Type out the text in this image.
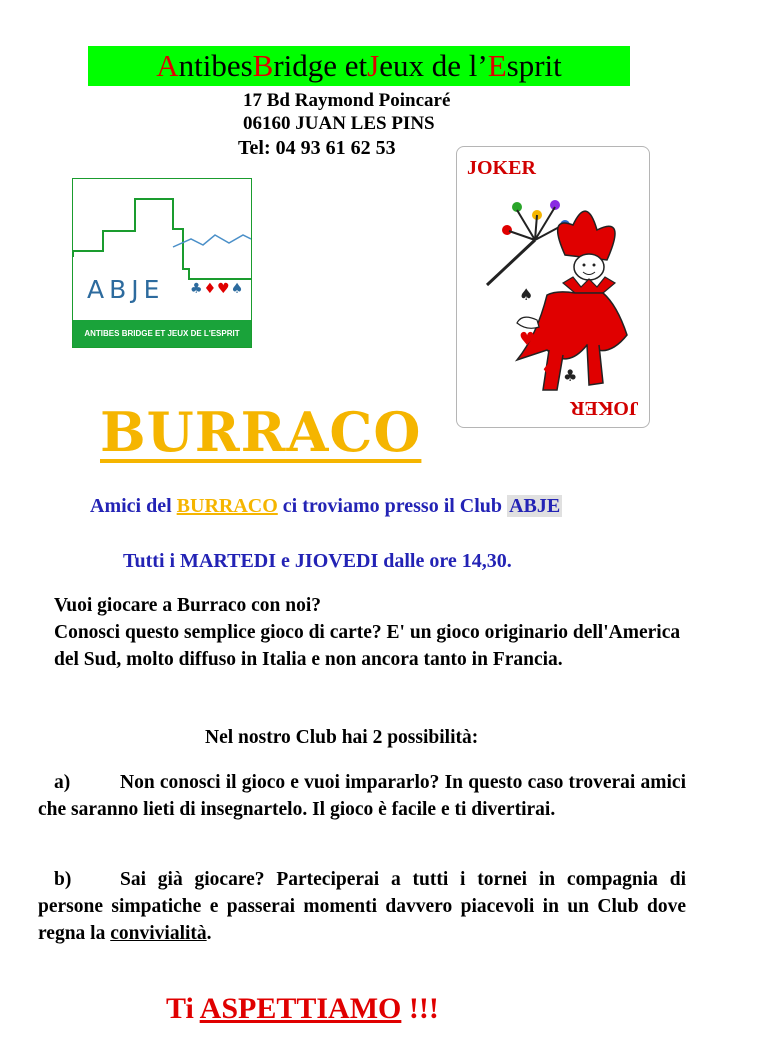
A ntibes B ridge et J eux de l’ E sprit
17 Bd Raymond Poincaré
06160 JUAN LES PINS
Tel: 04 93 61 62 53
ABJE ♣♦♥♠
ANTIBES BRIDGE ET JEUX DE L'ESPRIT
JOKER
♠
♥
♦ ♣
JOKER
BURRACO
Amici del BURRACO ci troviamo presso il Club ABJE
Tutti i MARTEDI e JIOVEDI dalle ore 14,30.
Vuoi giocare a Burraco con noi?
Conosci questo semplice gioco di carte? E' un gioco originario dell'America del Sud, molto diffuso in Italia e non ancora tanto in Francia.
Nel nostro Club hai 2 possibilità:
a)	Non conosci il gioco e vuoi impararlo? In questo caso troverai amici che saranno lieti di insegnartelo. Il gioco è facile e ti divertirai.
b) Sai già giocare? Parteciperai a tutti i tornei in compagnia di persone simpatiche e passerai momenti davvero piacevoli in un Club dove regna la convivialità.
Ti ASPETTIAMO !!!
